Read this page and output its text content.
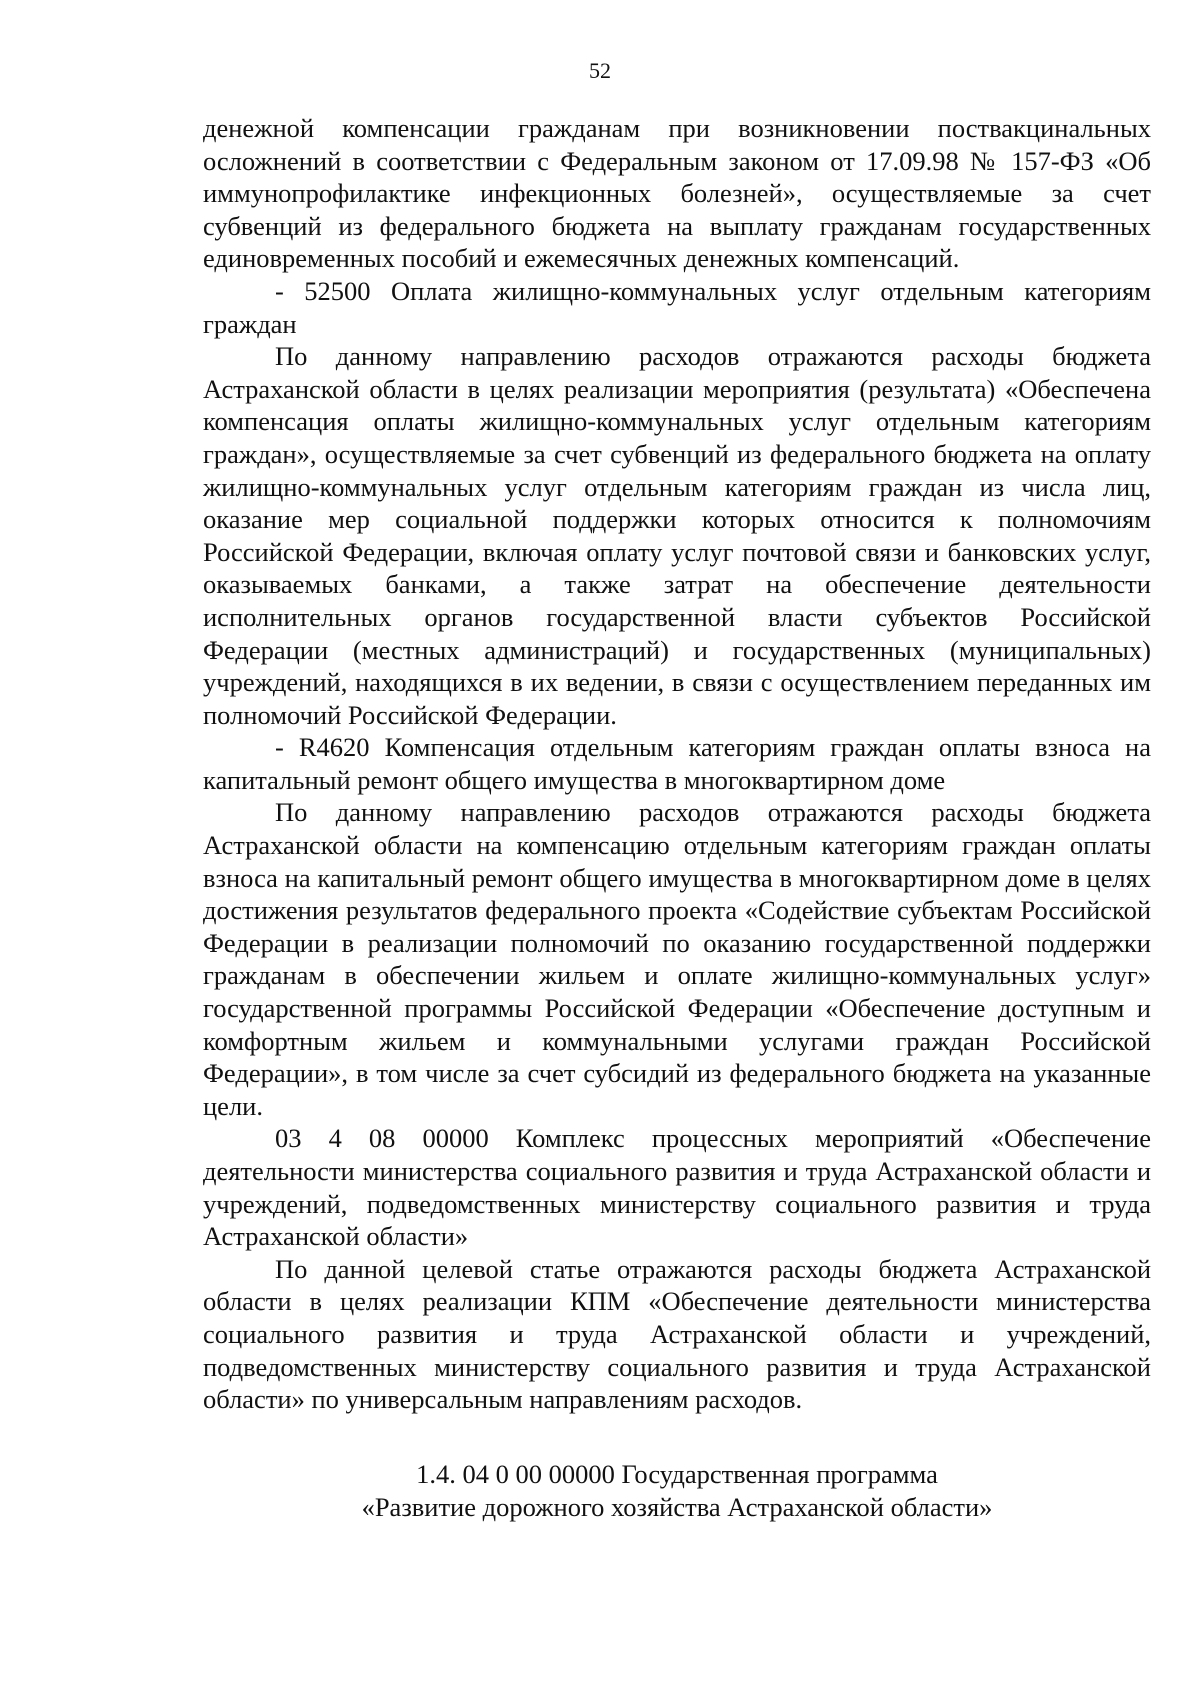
52

денежной компенсации гражданам при возникновении поствакцинальных осложнений в соответствии с Федеральным законом от 17.09.98 № 157-ФЗ «Об иммунопрофилактике инфекционных болезней», осуществляемые за счет субвенций из федерального бюджета на выплату гражданам государственных единовременных пособий и ежемесячных денежных компенсаций.

- 52500 Оплата жилищно-коммунальных услуг отдельным категориям граждан

По данному направлению расходов отражаются расходы бюджета Астраханской области в целях реализации мероприятия (результата) «Обеспечена компенсация оплаты жилищно-коммунальных услуг отдельным категориям граждан», осуществляемые за счет субвенций из федерального бюджета на оплату жилищно-коммунальных услуг отдельным категориям граждан из числа лиц, оказание мер социальной поддержки которых относится к полномочиям Российской Федерации, включая оплату услуг почтовой связи и банковских услуг, оказываемых банками, а также затрат на обеспечение деятельности исполнительных органов государственной власти субъектов Российской Федерации (местных администраций) и государственных (муниципальных) учреждений, находящихся в их ведении, в связи с осуществлением переданных им полномочий Российской Федерации.

- R4620 Компенсация отдельным категориям граждан оплаты взноса на капитальный ремонт общего имущества в многоквартирном доме

По данному направлению расходов отражаются расходы бюджета Астраханской области на компенсацию отдельным категориям граждан оплаты взноса на капитальный ремонт общего имущества в многоквартирном доме в целях достижения результатов федерального проекта «Содействие субъектам Российской Федерации в реализации полномочий по оказанию государственной поддержки гражданам в обеспечении жильем и оплате жилищно-коммунальных услуг» государственной программы Российской Федерации «Обеспечение доступным и комфортным жильем и коммунальными услугами граждан Российской Федерации», в том числе за счет субсидий из федерального бюджета на указанные цели.

03 4 08 00000 Комплекс процессных мероприятий «Обеспечение деятельности министерства социального развития и труда Астраханской области и учреждений, подведомственных министерству социального развития и труда Астраханской области»

По данной целевой статье отражаются расходы бюджета Астраханской области в целях реализации КПМ «Обеспечение деятельности министерства социального развития и труда Астраханской области и учреждений, подведомственных министерству социального развития и труда Астраханской области» по универсальным направлениям расходов.

1.4. 04 0 00 00000 Государственная программа
«Развитие дорожного хозяйства Астраханской области»
